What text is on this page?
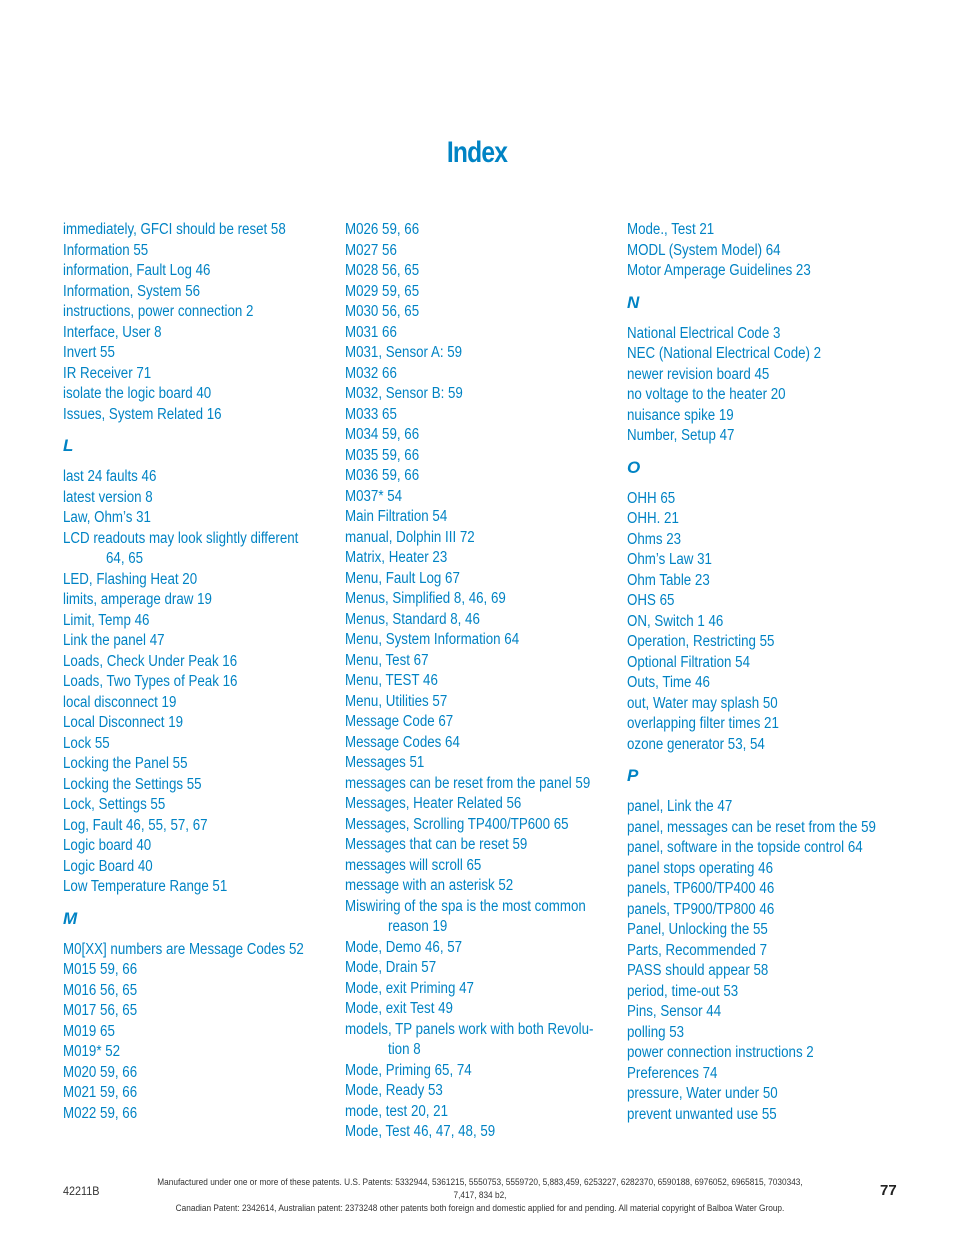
Index
immediately, GFCI should be reset 58
Information 55
information, Fault Log 46
Information, System 56
instructions, power connection 2
Interface, User 8
Invert 55
IR Receiver 71
isolate the logic board 40
Issues, System Related 16
L
last 24 faults 46
latest version 8
Law, Ohm’s 31
LCD readouts may look slightly different
64, 65
LED, Flashing Heat 20
limits, amperage draw 19
Limit, Temp 46
Link the panel 47
Loads, Check Under Peak 16
Loads, Two Types of Peak 16
local disconnect 19
Local Disconnect 19
Lock 55
Locking the Panel 55
Locking the Settings 55
Lock, Settings 55
Log, Fault 46, 55, 57, 67
Logic board 40
Logic Board 40
Low Temperature Range 51
M
M0[XX] numbers are Message Codes 52
M015 59, 66
M016 56, 65
M017 56, 65
M019 65
M019* 52
M020 59, 66
M021 59, 66
M022 59, 66
M026 59, 66
M027 56
M028 56, 65
M029 59, 65
M030 56, 65
M031 66
M031, Sensor A: 59
M032 66
M032, Sensor B: 59
M033 65
M034 59, 66
M035 59, 66
M036 59, 66
M037* 54
Main Filtration 54
manual, Dolphin III 72
Matrix, Heater 23
Menu, Fault Log 67
Menus, Simplified 8, 46, 69
Menus, Standard 8, 46
Menu, System Information 64
Menu, Test 67
Menu, TEST 46
Menu, Utilities 57
Message Code 67
Message Codes 64
Messages 51
messages can be reset from the panel 59
Messages, Heater Related 56
Messages, Scrolling TP400/TP600 65
Messages that can be reset 59
messages will scroll 65
message with an asterisk 52
Miswiring of the spa is the most common
reason 19
Mode, Demo 46, 57
Mode, Drain 57
Mode, exit Priming 47
Mode, exit Test 49
models, TP panels work with both Revolu-
tion 8
Mode, Priming 65, 74
Mode, Ready 53
mode, test 20, 21
Mode, Test 46, 47, 48, 59
Mode., Test 21
MODL (System Model) 64
Motor Amperage Guidelines 23
N
National Electrical Code 3
NEC (National Electrical Code) 2
newer revision board 45
no voltage to the heater 20
nuisance spike 19
Number, Setup 47
O
OHH 65
OHH. 21
Ohms 23
Ohm’s Law 31
Ohm Table 23
OHS 65
ON, Switch 1 46
Operation, Restricting 55
Optional Filtration 54
Outs, Time 46
out, Water may splash 50
overlapping filter times 21
ozone generator 53, 54
P
panel, Link the 47
panel, messages can be reset from the 59
panel, software in the topside control 64
panel stops operating 46
panels, TP600/TP400 46
panels, TP900/TP800 46
Panel, Unlocking the 55
Parts, Recommended 7
PASS should appear 58
period, time-out 53
Pins, Sensor 44
polling 53
power connection instructions 2
Preferences 74
pressure, Water under 50
prevent unwanted use 55
42211B
Manufactured under one or more of these patents. U.S. Patents: 5332944, 5361215, 5550753, 5559720, 5,883,459, 6253227, 6282370, 6590188, 6976052, 6965815, 7030343, 7,417, 834 b2,
Canadian Patent: 2342614, Australian patent: 2373248 other patents both foreign and domestic applied for and pending. All material copyright of Balboa Water Group.
77
